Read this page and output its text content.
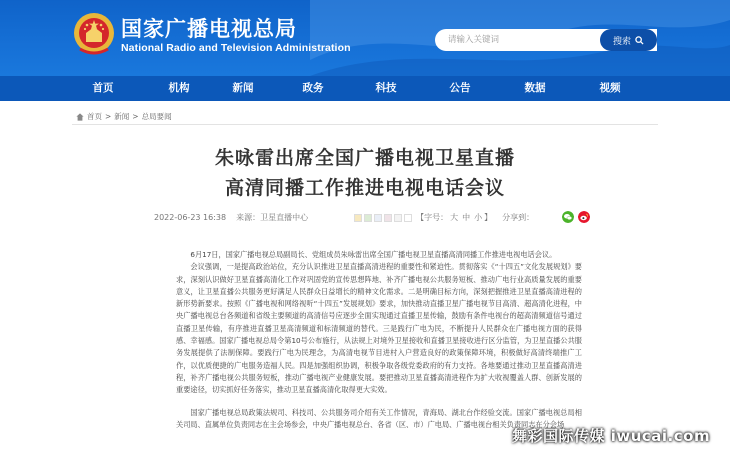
国家广播电视总局
National Radio and Television Administration
请输入关键词
搜索
首页	机构	新闻	政务	科技	公告	数据	视频
首页 > 新闻 > 总局要闻
朱咏雷出席全国广播电视卫星直播
高清同播工作推进电视电话会议
2022-06-23 16:38 来源：卫星直播中心	【字号： 大 中 小 】 分享到：

6月17日，国家广播电视总局副局长、党组成员朱咏雷出席全国广播电视卫星直播高清同播工作推进电视电话会议。

会议强调，一是提高政治站位，充分认识推进卫星直播高清进程的重要性和紧迫性。贯彻落实《“十四五”文化发展规划》要求，深刻认识做好卫星直播高清化工作对巩固党的宣传思想阵地、补齐广播电视公共服务短板、推动广电行业高质量发展的重要意义，让卫星直播公共服务更好满足人民群众日益增长的精神文化需求。二是明确目标方向，深刻把握推进卫星直播高清进程的新形势新要求。按照《广播电视和网络视听“十四五”发展规划》要求，加快推动直播卫星广播电视节目高清、超高清化进程，中央广播电视总台各频道和省级主要频道的高清信号应逐步全面实现通过直播卫星传输，鼓励有条件电视台的超高清频道信号通过直播卫星传输，有序推进直播卫星高清频道和标清频道的替代。三是践行广电为民，不断提升人民群众在广播电视方面的获得感、幸福感。国家广播电视总局令第10号公布施行，从法规上对境外卫星接收和直播卫星接收进行区分监管，为卫星直播公共服务发展提供了法制保障。要践行广电为民理念，为高清电视节目进村入户营造良好的政策保障环境，积极做好高清终端推广工作，以优质便捷的广电服务造福人民。四是加强组织协调，积极争取各级党委政府的有力支持。各地要通过推动卫星直播高清进程，补齐广播电视公共服务短板，推动广播电视产业健康发展。要把推动卫星直播高清进程作为扩大收视覆盖人群、创新发展的重要途径，切实抓好任务落实，推动卫星直播高清化取得更大实效。

国家广播电视总局政策法规司、科技司、公共服务司介绍有关工作情况，青海局、湖北台作经验交流。国家广播电视总局相关司局、直属单位负责同志在主会场参会，中央广播电视总台、各省（区、市）广电局、广播电视台相关负责同志在分会场

舞彩国际传媒 iwucai.com
